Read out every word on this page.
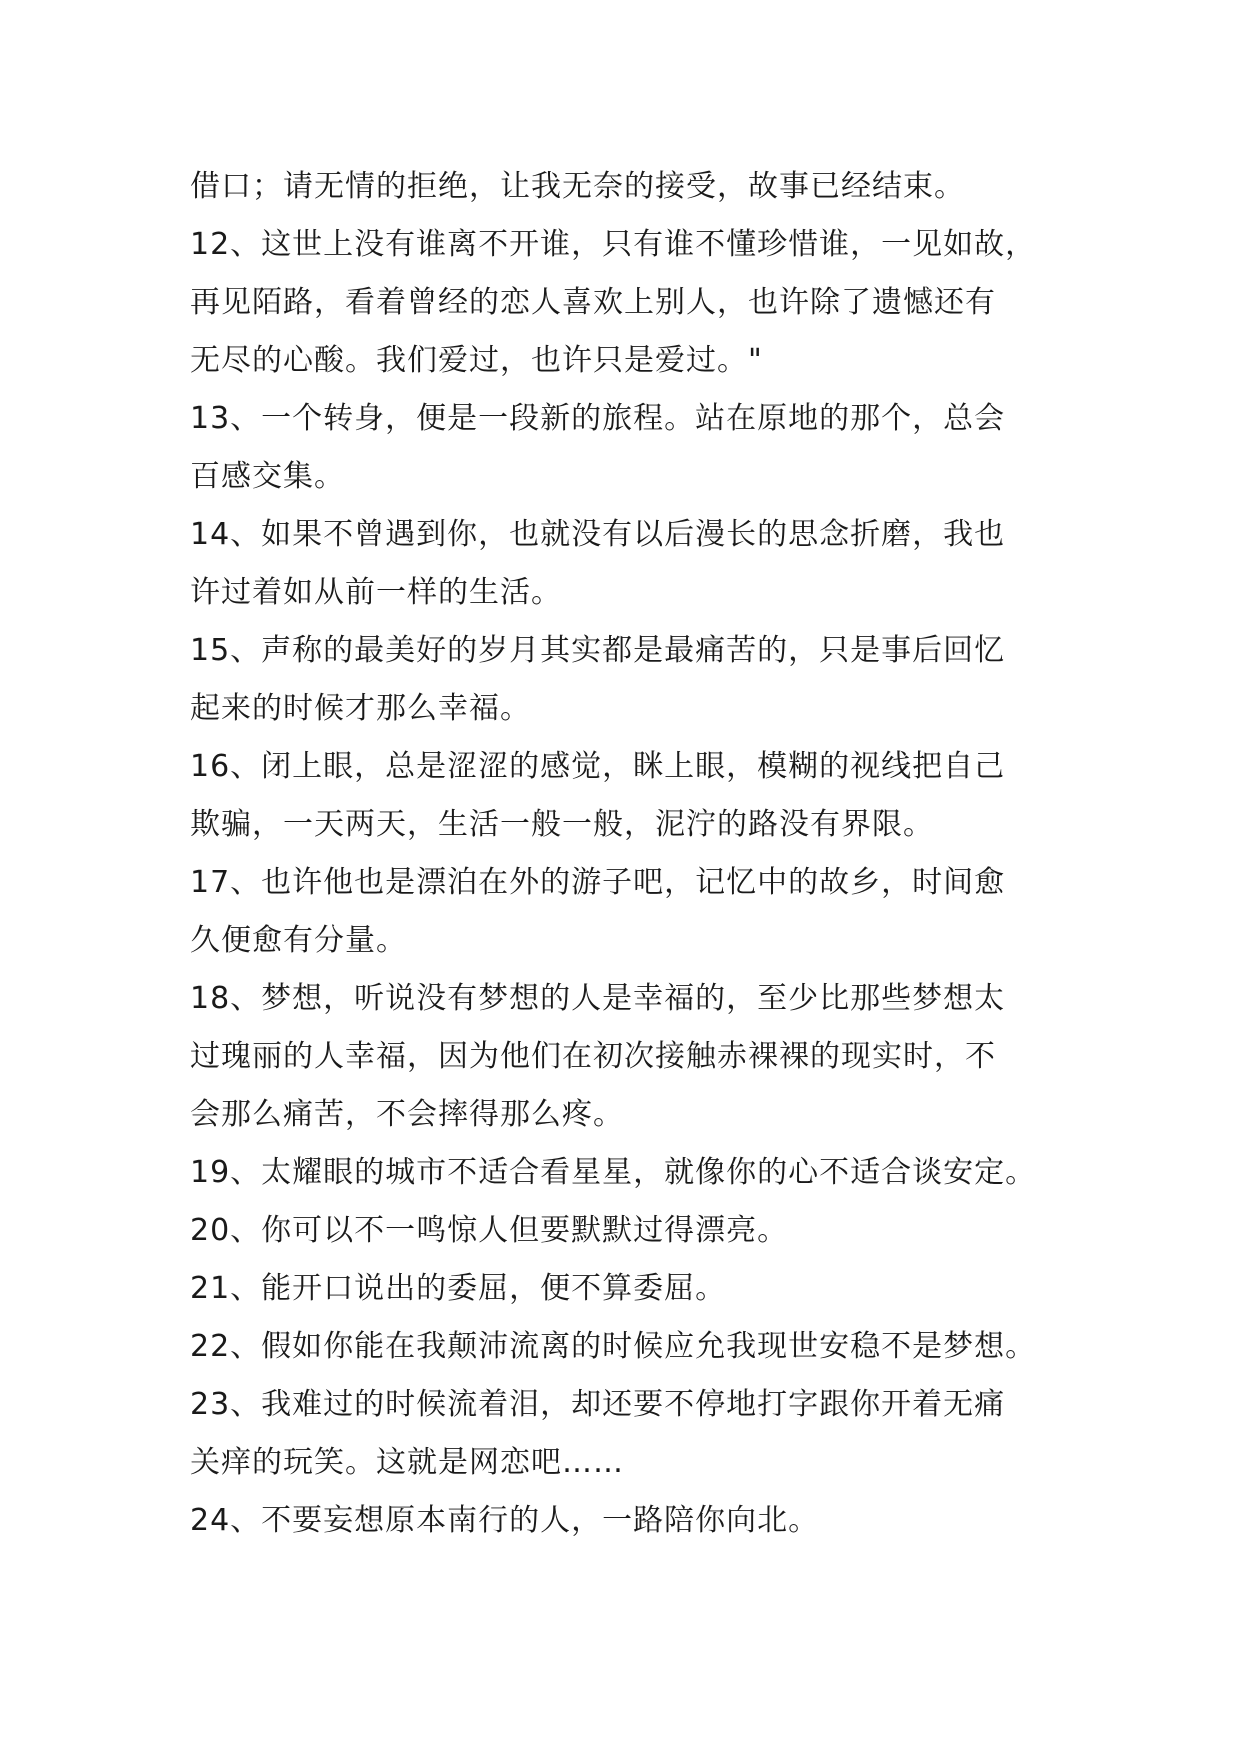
借口；请无情的拒绝，让我无奈的接受，故事已经结束。
12、这世上没有谁离不开谁，只有谁不懂珍惜谁，一见如故，
再见陌路，看着曾经的恋人喜欢上别人，也许除了遗憾还有
无尽的心酸。我们爱过，也许只是爱过。"
13、一个转身，便是一段新的旅程。站在原地的那个，总会
百感交集。
14、如果不曾遇到你，也就没有以后漫长的思念折磨，我也
许过着如从前一样的生活。
15、声称的最美好的岁月其实都是最痛苦的，只是事后回忆
起来的时候才那么幸福。
16、闭上眼，总是涩涩的感觉，眯上眼，模糊的视线把自己
欺骗，一天两天，生活一般一般，泥泞的路没有界限。
17、也许他也是漂泊在外的游子吧，记忆中的故乡，时间愈
久便愈有分量。
18、梦想，听说没有梦想的人是幸福的，至少比那些梦想太
过瑰丽的人幸福，因为他们在初次接触赤裸裸的现实时，不
会那么痛苦，不会摔得那么疼。
19、太耀眼的城市不适合看星星，就像你的心不适合谈安定。
20、你可以不一鸣惊人但要默默过得漂亮。
21、能开口说出的委屈，便不算委屈。
22、假如你能在我颠沛流离的时候应允我现世安稳不是梦想。
23、我难过的时候流着泪，却还要不停地打字跟你开着无痛
关痒的玩笑。这就是网恋吧……
24、不要妄想原本南行的人，一路陪你向北。
